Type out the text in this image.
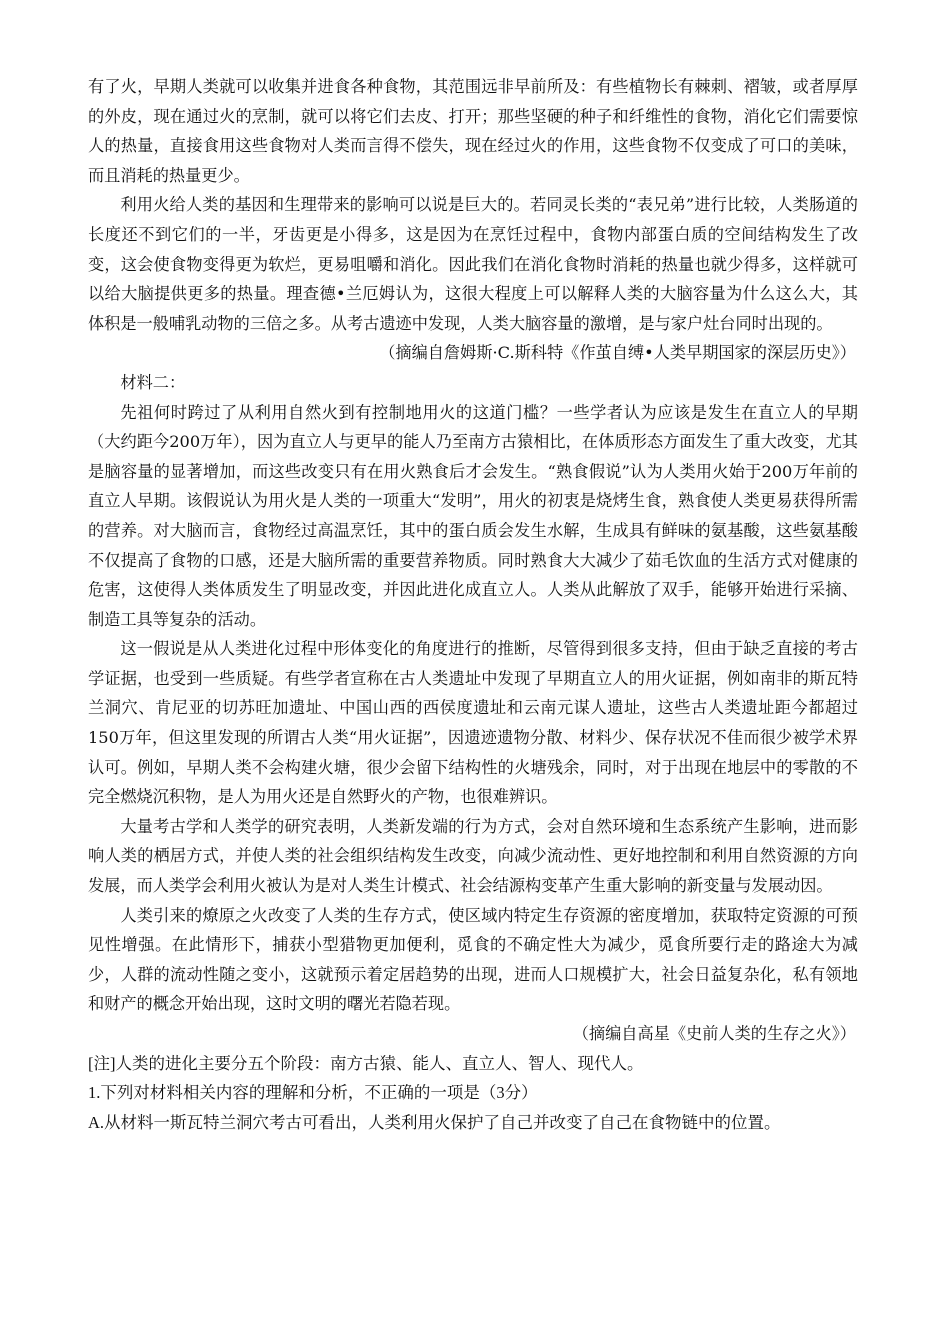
有了火，早期人类就可以收集并进食各种食物，其范围远非早前所及：有些植物长有棘刺、褶皱，或者厚厚的外皮，现在通过火的烹制，就可以将它们去皮、打开；那些坚硬的种子和纤维性的食物，消化它们需要惊人的热量，直接食用这些食物对人类而言得不偿失，现在经过火的作用，这些食物不仅变成了可口的美味，而且消耗的热量更少。

利用火给人类的基因和生理带来的影响可以说是巨大的。若同灵长类的“表兄弟”进行比较，人类肠道的长度还不到它们的一半，牙齿更是小得多，这是因为在烹饪过程中，食物内部蛋白质的空间结构发生了改变，这会使食物变得更为软烂，更易咀嚼和消化。因此我们在消化食物时消耗的热量也就少得多，这样就可以给大脑提供更多的热量。理查德•兰厄姆认为，这很大程度上可以解释人类的大脑容量为什么这么大，其体积是一般哺乳动物的三倍之多。从考古遗迹中发现，人类大脑容量的激增，是与家户灶台同时出现的。

（摘编自詹姆斯·C.斯科特《作茧自缚•人类早期国家的深层历史》）

材料二：

先祖何时跨过了从利用自然火到有控制地用火的这道门槛？一些学者认为应该是发生在直立人的早期（大约距今200万年），因为直立人与更早的能人乃至南方古猿相比，在体质形态方面发生了重大改变，尤其是脑容量的显著增加，而这些改变只有在用火熟食后才会发生。“熟食假说”认为人类用火始于200万年前的直立人早期。该假说认为用火是人类的一项重大“发明”，用火的初衷是烧烤生食，熟食使人类更易获得所需的营养。对大脑而言，食物经过高温烹饪，其中的蛋白质会发生水解，生成具有鲜味的氨基酸，这些氨基酸不仅提高了食物的口感，还是大脑所需的重要营养物质。同时熟食大大减少了茹毛饮血的生活方式对健康的危害，这使得人类体质发生了明显改变，并因此进化成直立人。人类从此解放了双手，能够开始进行采摘、制造工具等复杂的活动。

这一假说是从人类进化过程中形体变化的角度进行的推断，尽管得到很多支持，但由于缺乏直接的考古学证据，也受到一些质疑。有些学者宣称在古人类遗址中发现了早期直立人的用火证据，例如南非的斯瓦特兰洞穴、肯尼亚的切苏旺加遗址、中国山西的西侯度遗址和云南元谋人遗址，这些古人类遗址距今都超过150万年，但这里发现的所谓古人类“用火证据”，因遗迹遗物分散、材料少、保存状况不佳而很少被学术界认可。例如，早期人类不会构建火塘，很少会留下结构性的火塘残余，同时，对于出现在地层中的零散的不完全燃烧沉积物，是人为用火还是自然野火的产物，也很难辨识。

大量考古学和人类学的研究表明，人类新发端的行为方式，会对自然环境和生态系统产生影响，进而影响人类的栖居方式，并使人类的社会组织结构发生改变，向减少流动性、更好地控制和利用自然资源的方向发展，而人类学会利用火被认为是对人类生计模式、社会结源构变革产生重大影响的新变量与发展动因。

人类引来的燎原之火改变了人类的生存方式，使区域内特定生存资源的密度增加，获取特定资源的可预见性增强。在此情形下，捕获小型猎物更加便利，觅食的不确定性大为减少，觅食所要行走的路途大为减少，人群的流动性随之变小，这就预示着定居趋势的出现，进而人口规模扩大，社会日益复杂化，私有领地和财产的概念开始出现，这时文明的曙光若隐若现。

（摘编自高星《史前人类的生存之火》）

[注]人类的进化主要分五个阶段：南方古猿、能人、直立人、智人、现代人。

1.下列对材料相关内容的理解和分析，不正确的一项是（3分）

A.从材料一斯瓦特兰洞穴考古可看出，人类利用火保护了自己并改变了自己在食物链中的位置。
